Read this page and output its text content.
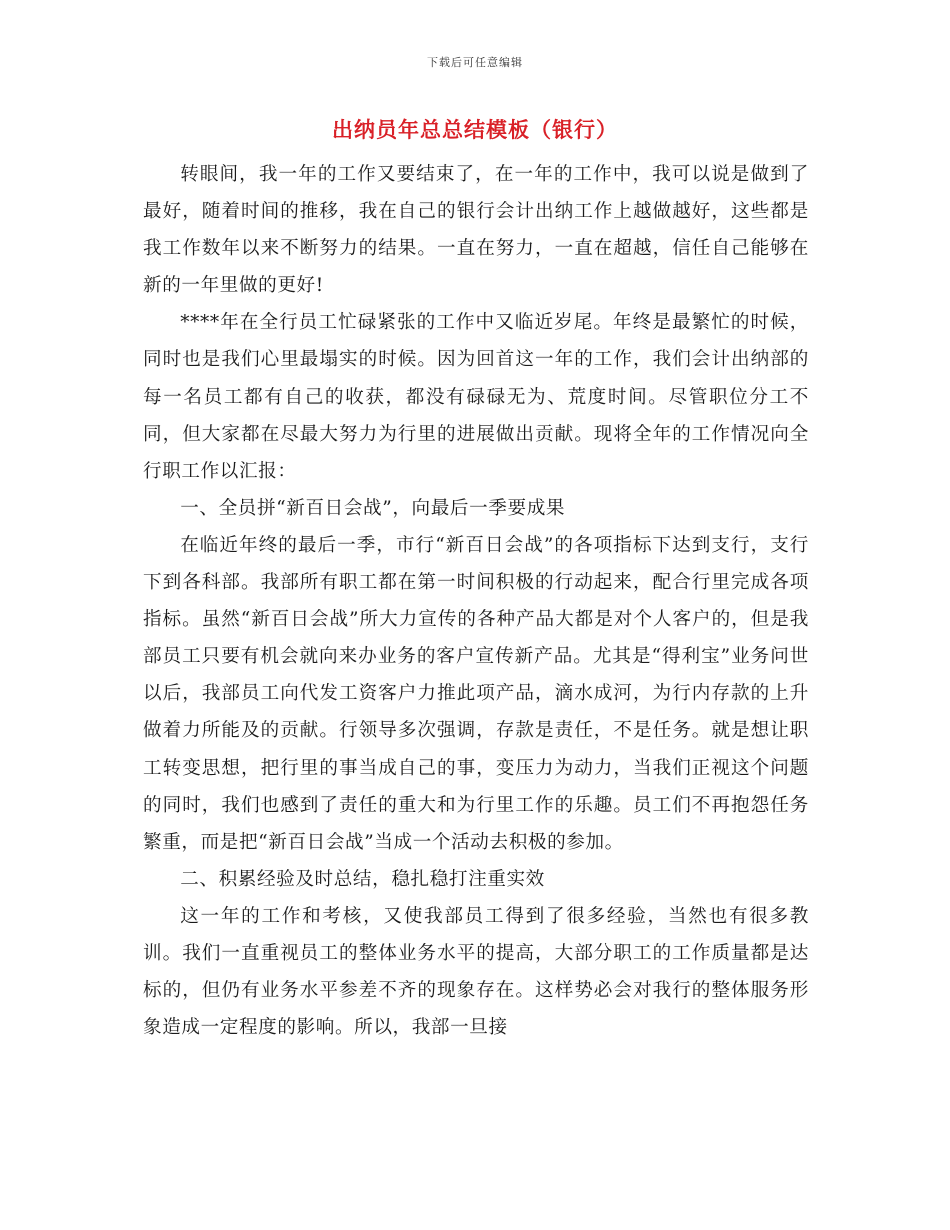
下载后可任意编辑
出纳员年总总结模板（银行）

转眼间，我一年的工作又要结束了，在一年的工作中，我可以说是做到了最好，随着时间的推移，我在自己的银行会计出纳工作上越做越好，这些都是我工作数年以来不断努力的结果。一直在努力，一直在超越，信任自己能够在新的一年里做的更好!

****年在全行员工忙碌紧张的工作中又临近岁尾。年终是最繁忙的时候，同时也是我们心里最塌实的时候。因为回首这一年的工作，我们会计出纳部的每一名员工都有自己的收获，都没有碌碌无为、荒度时间。尽管职位分工不同，但大家都在尽最大努力为行里的进展做出贡献。现将全年的工作情况向全行职工作以汇报：

一、全员拼“新百日会战”，向最后一季要成果

在临近年终的最后一季，市行“新百日会战”的各项指标下达到支行，支行下到各科部。我部所有职工都在第一时间积极的行动起来，配合行里完成各项指标。虽然“新百日会战”所大力宣传的各种产品大都是对个人客户的，但是我部员工只要有机会就向来办业务的客户宣传新产品。尤其是“得利宝”业务问世以后，我部员工向代发工资客户力推此项产品，滴水成河，为行内存款的上升做着力所能及的贡献。行领导多次强调，存款是责任，不是任务。就是想让职工转变思想，把行里的事当成自己的事，变压力为动力，当我们正视这个问题的同时，我们也感到了责任的重大和为行里工作的乐趣。员工们不再抱怨任务繁重，而是把“新百日会战”当成一个活动去积极的参加。

二、积累经验及时总结，稳扎稳打注重实效

这一年的工作和考核，又使我部员工得到了很多经验，当然也有很多教训。我们一直重视员工的整体业务水平的提高，大部分职工的工作质量都是达标的，但仍有业务水平参差不齐的现象存在。这样势必会对我行的整体服务形象造成一定程度的影响。所以，我部一旦接
